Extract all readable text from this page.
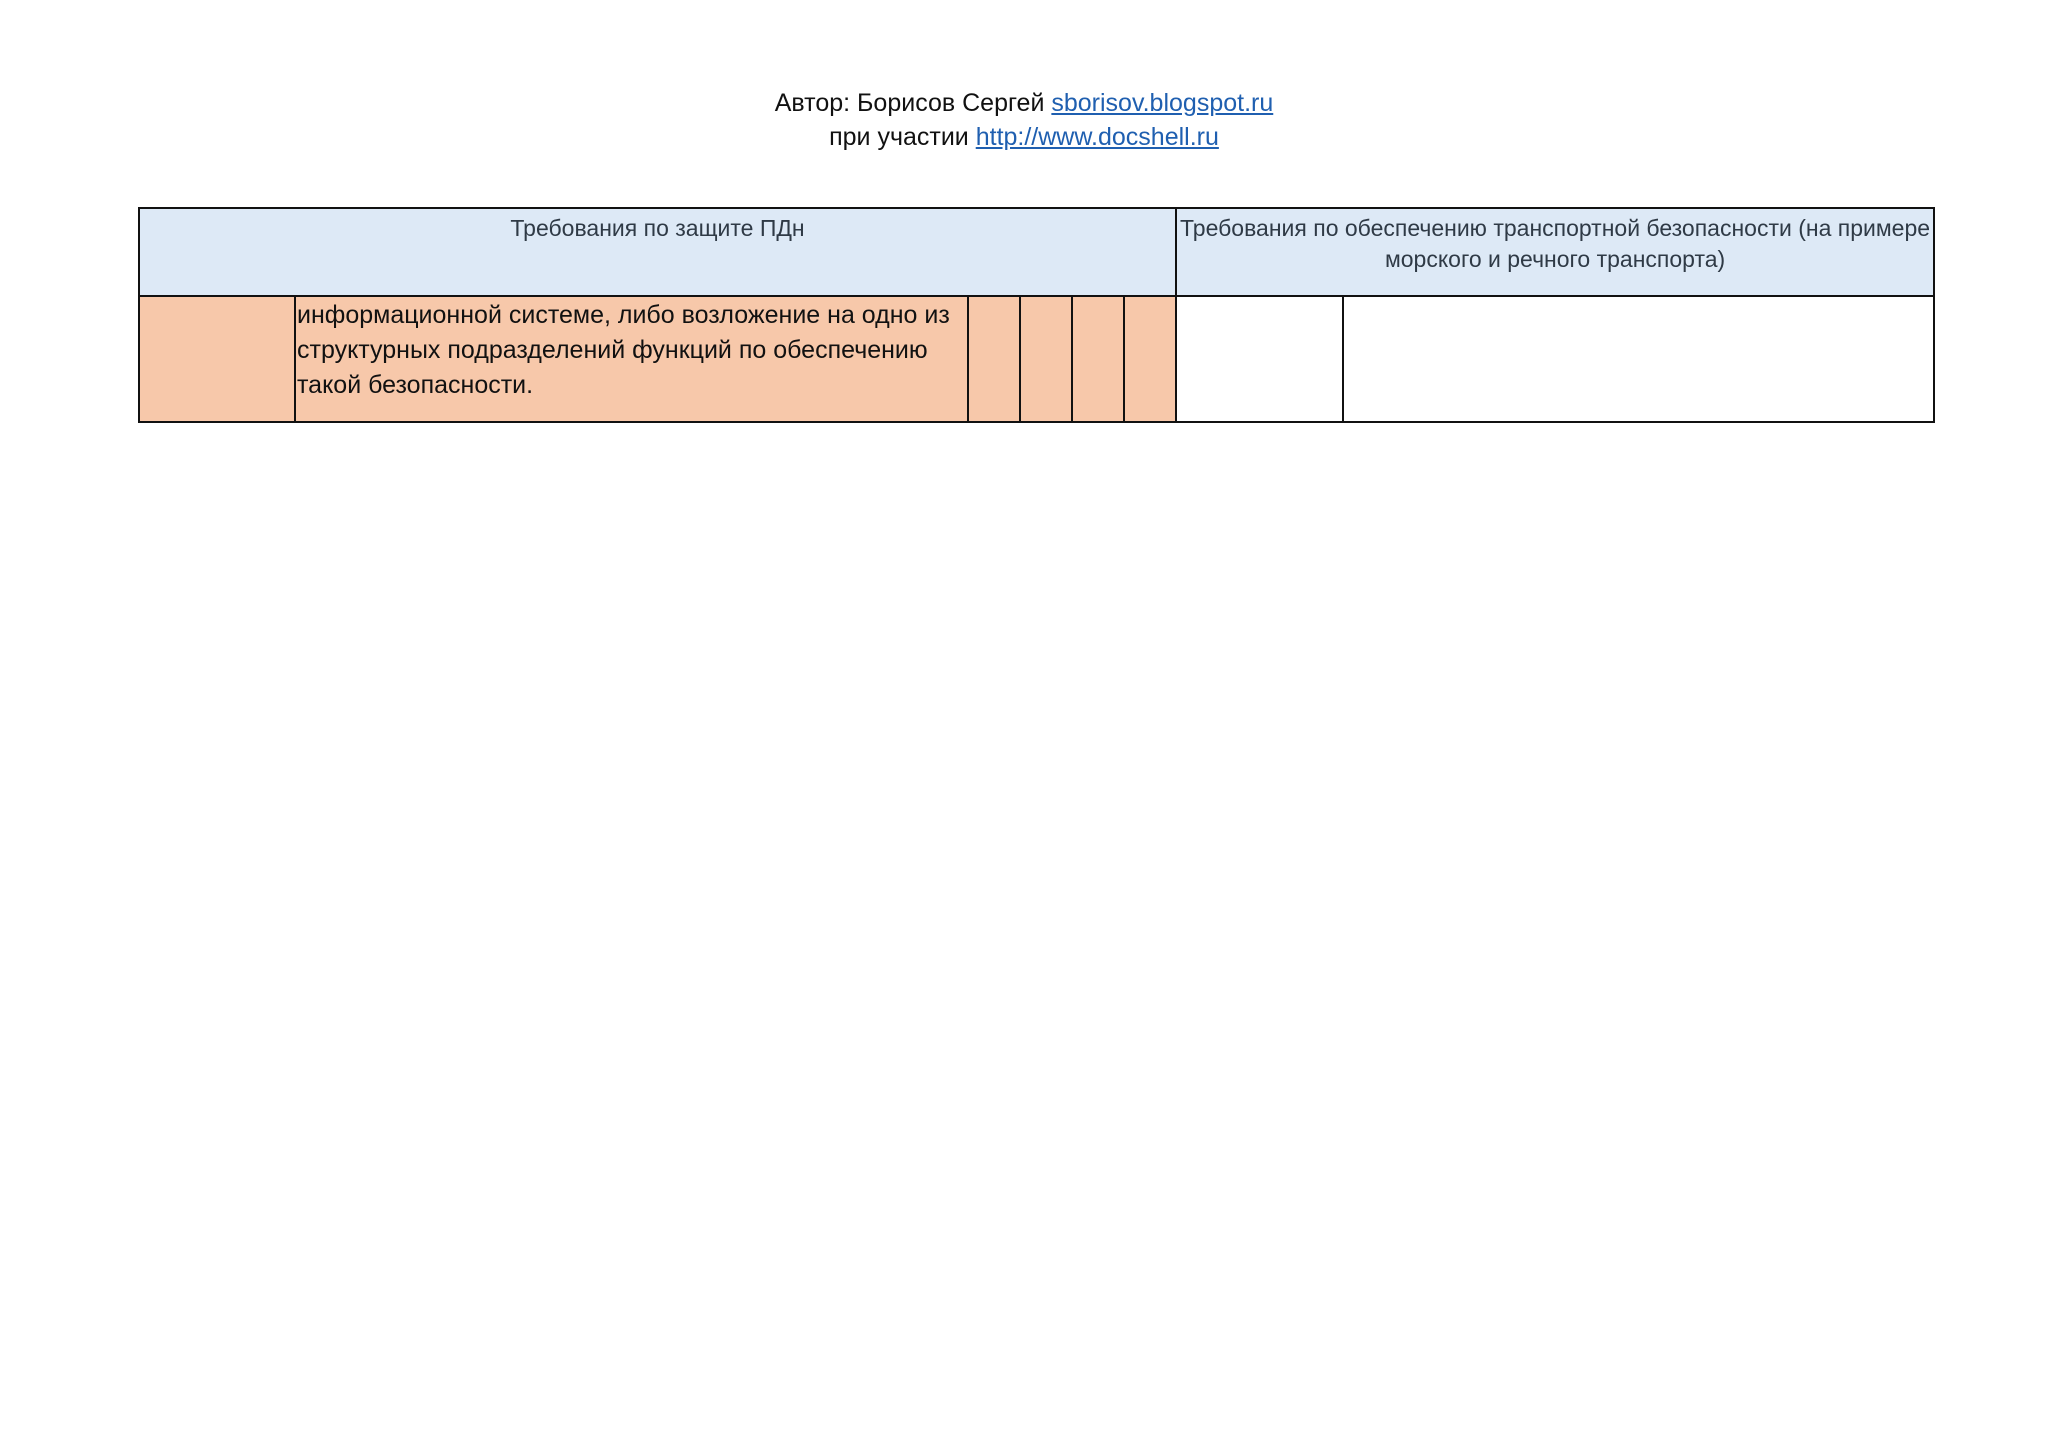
Автор: Борисов Сергей sborisov.blogspot.ru
при участии http://www.docshell.ru
Требования по защите ПДн						Требования по обеспечению транспортной безопасности (на примере морского и речного транспорта)	

	информационной системе, либо возложение на одно из структурных подразделений функций по обеспечению такой безопасности.						
